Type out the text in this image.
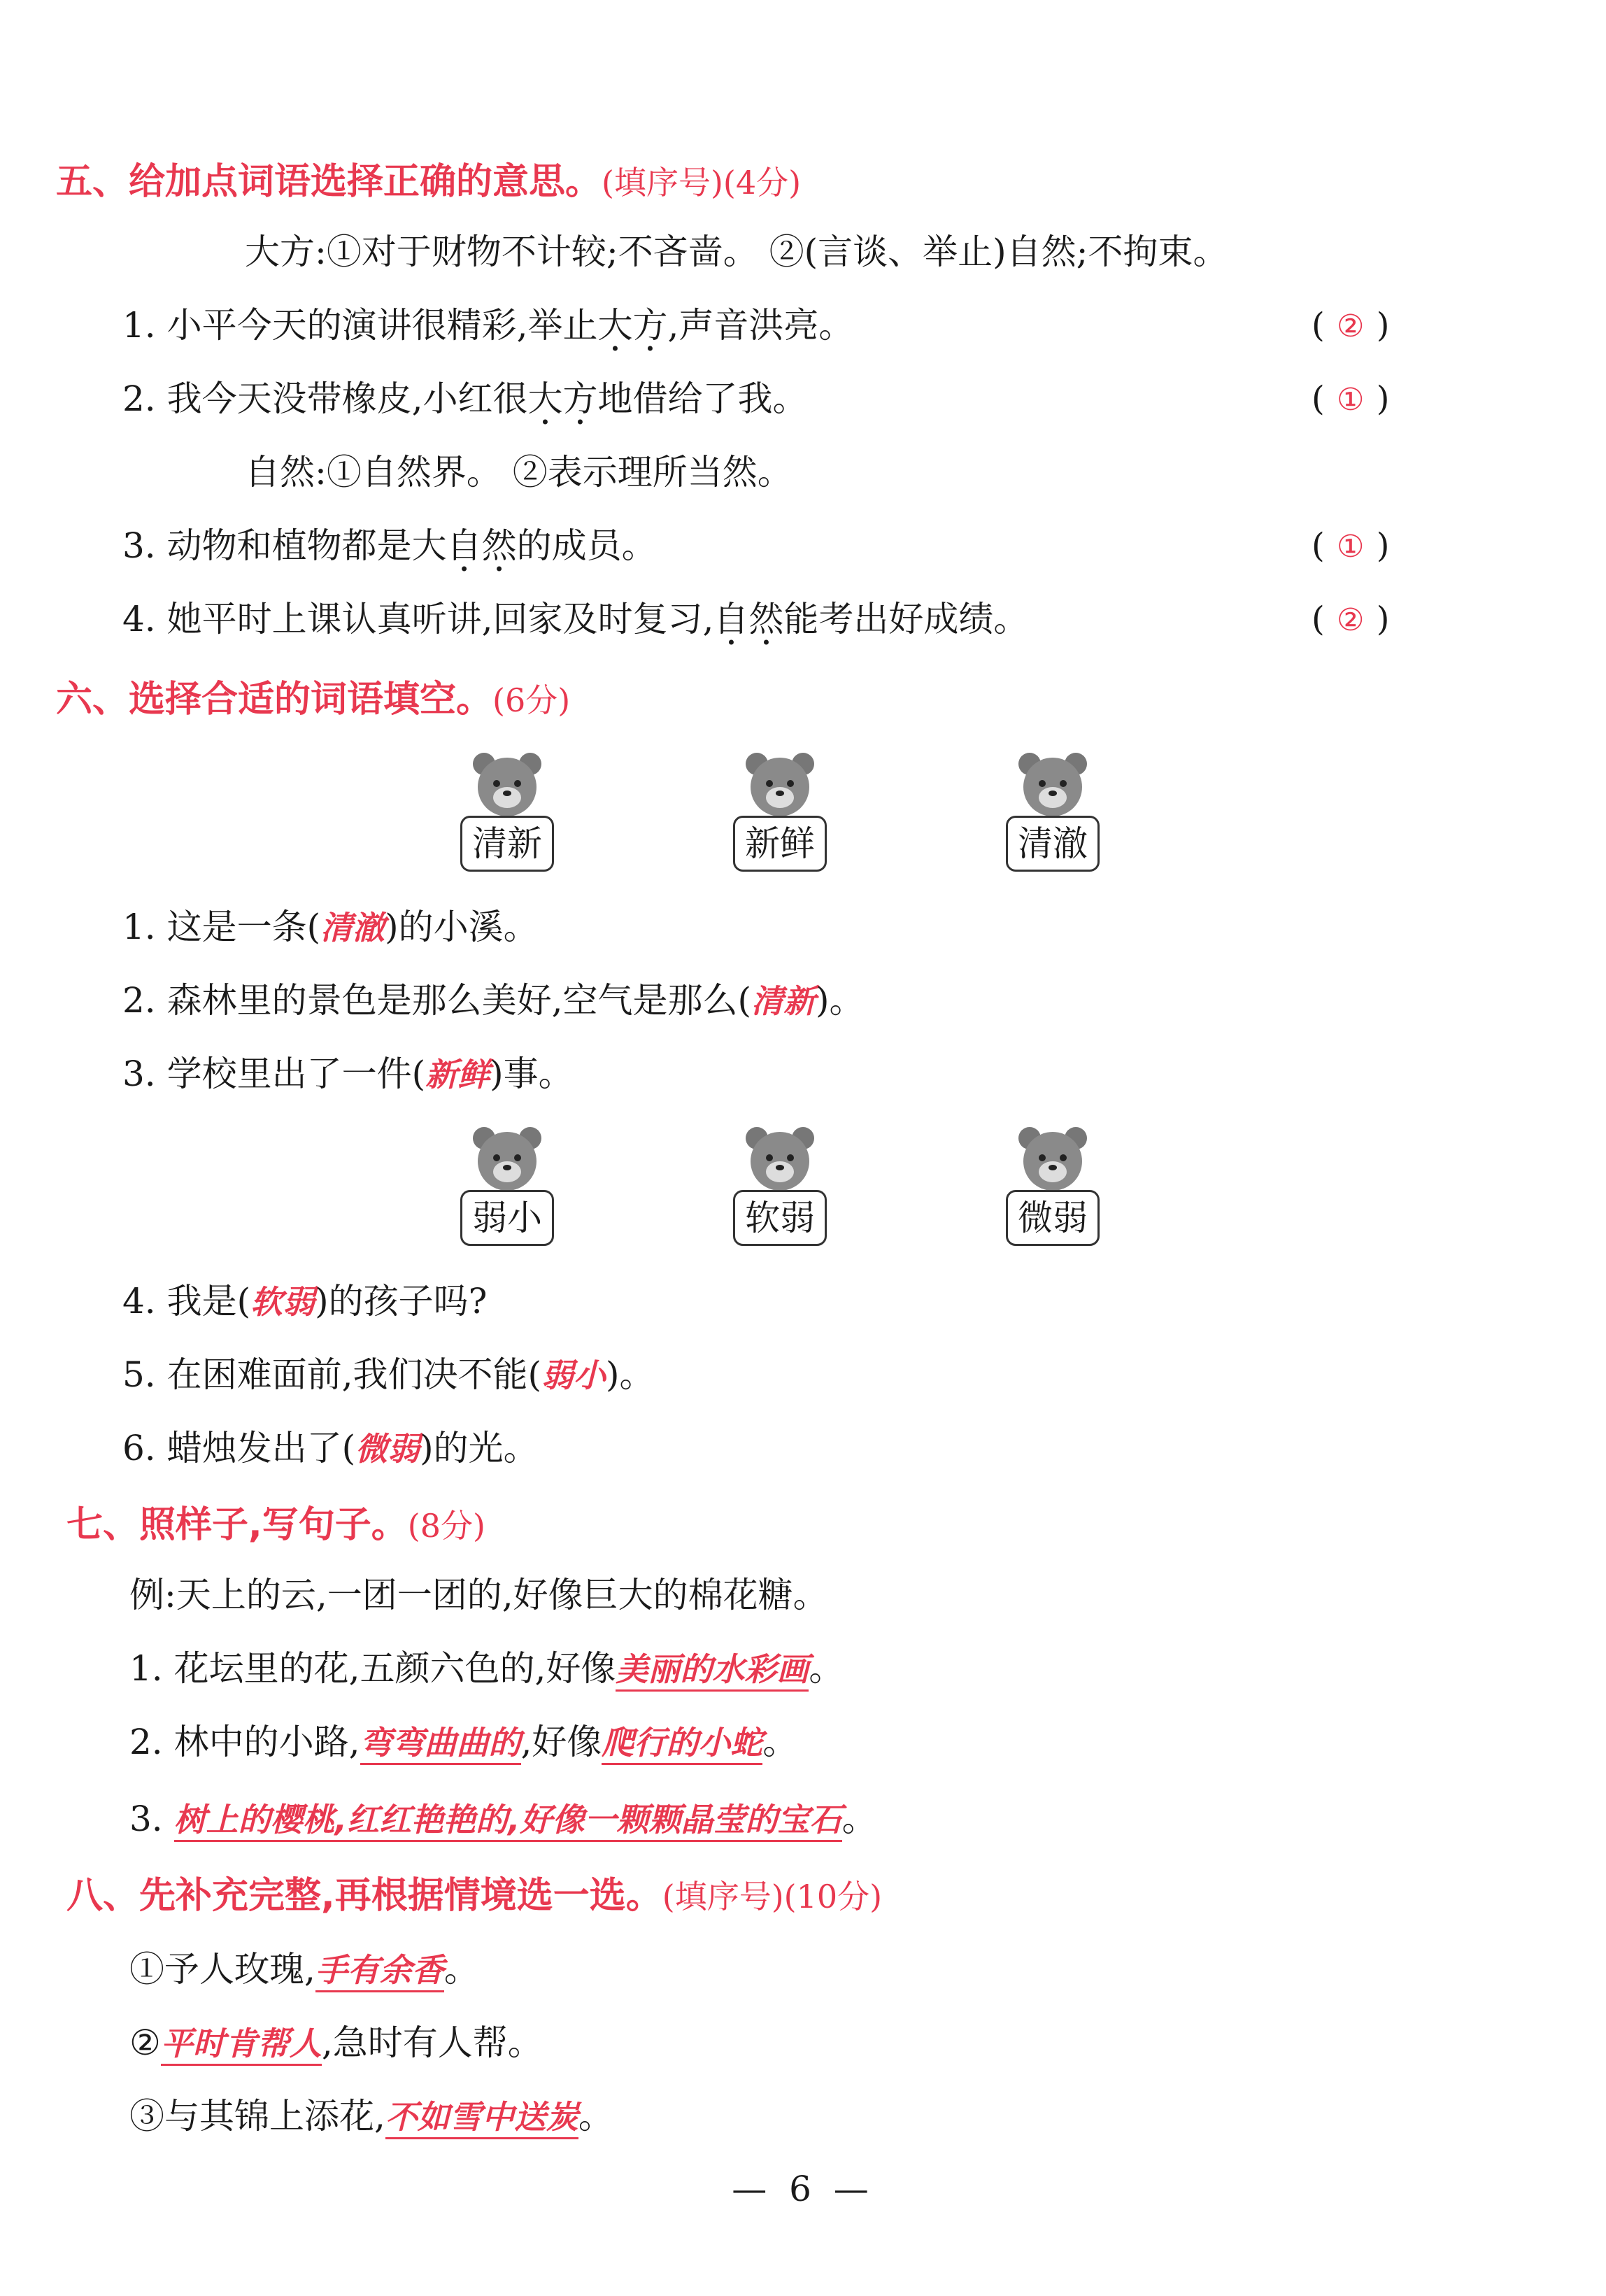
五、给加点词语选择正确的意思。(填序号)(4分)
大方:①对于财物不计较;不吝啬。 ②(言谈、举止)自然;不拘束。
1. 小平今天的演讲很精彩,举止大方,声音洪亮。	( ② )
2. 我今天没带橡皮,小红很大方地借给了我。	( ① )
自然:①自然界。 ②表示理所当然。
3. 动物和植物都是大自然的成员。	( ① )
4. 她平时上课认真听讲,回家及时复习,自然能考出好成绩。	( ② )
六、选择合适的词语填空。(6分)
清新	新鲜	清澈
1. 这是一条(清澈)的小溪。
2. 森林里的景色是那么美好,空气是那么(清新)。
3. 学校里出了一件(新鲜)事。
弱小	软弱	微弱
4. 我是(软弱)的孩子吗?
5. 在困难面前,我们决不能(弱小)。
6. 蜡烛发出了(微弱)的光。
七、照样子,写句子。(8分)
例:天上的云,一团一团的,好像巨大的棉花糖。
1. 花坛里的花,五颜六色的,好像美丽的水彩画。
2. 林中的小路,弯弯曲曲的,好像爬行的小蛇。
3. 树上的樱桃,红红艳艳的,好像一颗颗晶莹的宝石。
八、先补充完整,再根据情境选一选。(填序号)(10分)
①予人玫瑰,手有余香。
②平时肯帮人,急时有人帮。
③与其锦上添花,不如雪中送炭。
— 6 —
